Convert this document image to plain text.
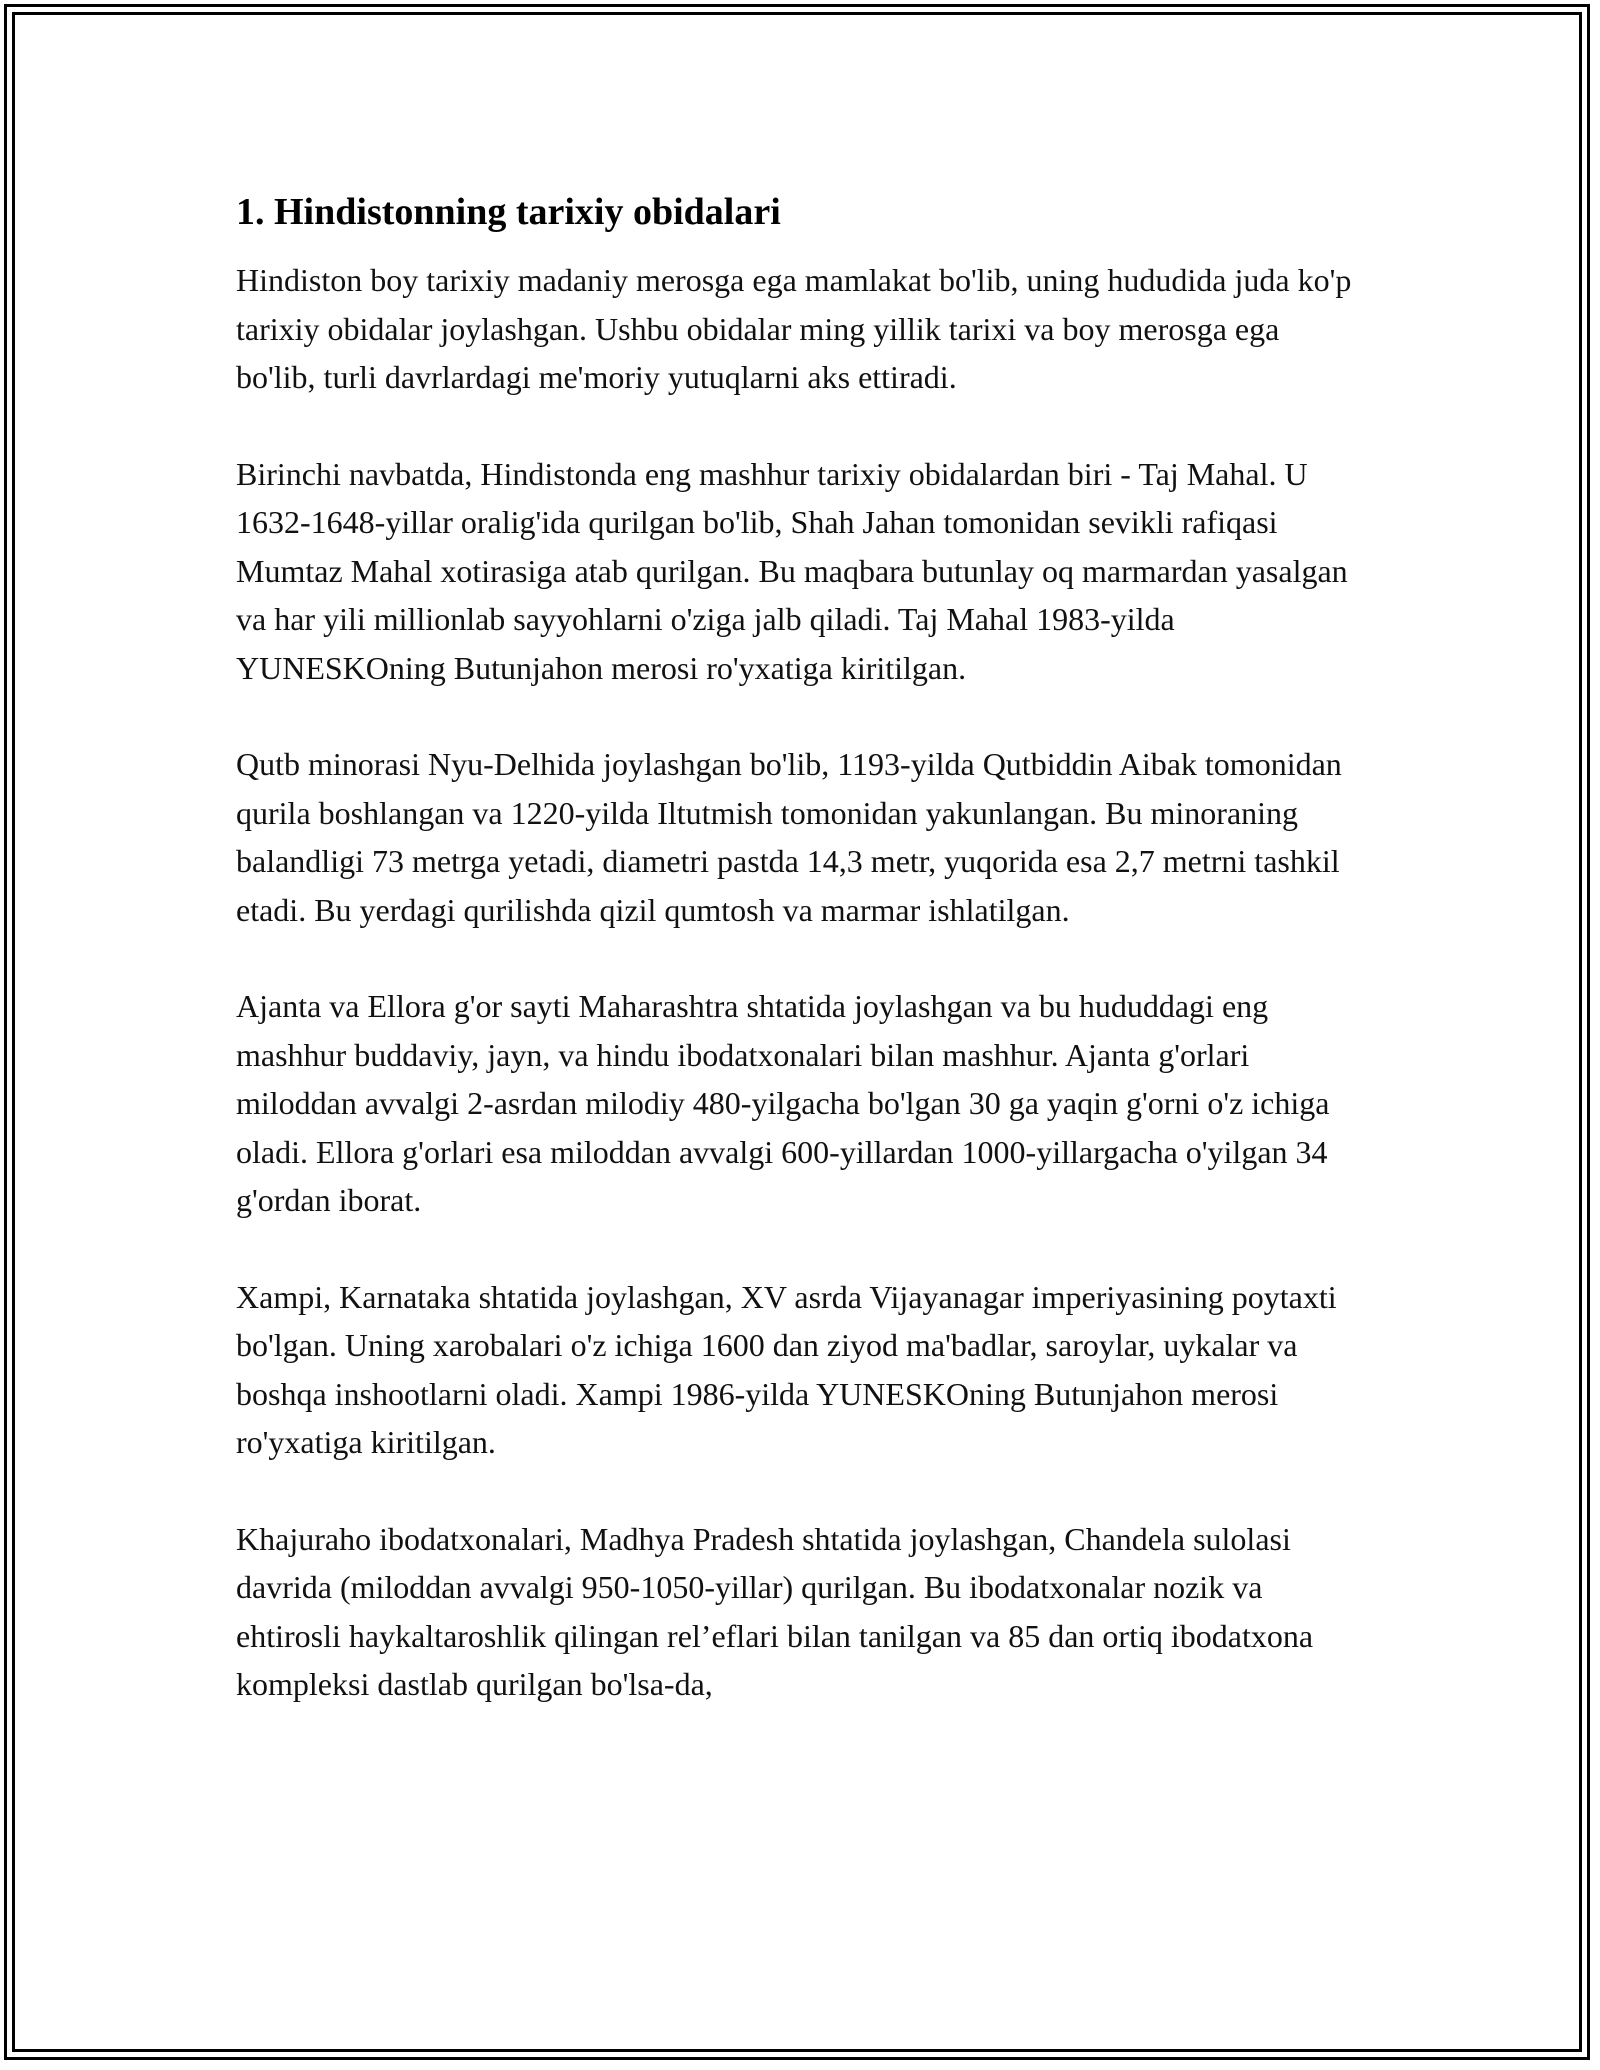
1. Hindistonning tarixiy obidalari

Hindiston boy tarixiy madaniy merosga ega mamlakat bo'lib, uning hududida juda ko'p tarixiy obidalar joylashgan. Ushbu obidalar ming yillik tarixi va boy merosga ega bo'lib, turli davrlardagi me'moriy yutuqlarni aks ettiradi.

Birinchi navbatda, Hindistonda eng mashhur tarixiy obidalardan biri - Taj Mahal. U 1632-1648-yillar oralig'ida qurilgan bo'lib, Shah Jahan tomonidan sevikli rafiqasi Mumtaz Mahal xotirasiga atab qurilgan. Bu maqbara butunlay oq marmardan yasalgan va har yili millionlab sayyohlarni o'ziga jalb qiladi. Taj Mahal 1983-yilda YUNESKOning Butunjahon merosi ro'yxatiga kiritilgan.

Qutb minorasi Nyu-Delhida joylashgan bo'lib, 1193-yilda Qutbiddin Aibak tomonidan qurila boshlangan va 1220-yilda Iltutmish tomonidan yakunlangan. Bu minoraning balandligi 73 metrga yetadi, diametri pastda 14,3 metr, yuqorida esa 2,7 metrni tashkil etadi. Bu yerdagi qurilishda qizil qumtosh va marmar ishlatilgan.

Ajanta va Ellora g'or sayti Maharashtra shtatida joylashgan va bu hududdagi eng mashhur buddaviy, jayn, va hindu ibodatxonalari bilan mashhur. Ajanta g'orlari miloddan avvalgi 2-asrdan milodiy 480-yilgacha bo'lgan 30 ga yaqin g'orni o'z ichiga oladi. Ellora g'orlari esa miloddan avvalgi 600-yillardan 1000-yillargacha o'yilgan 34 g'ordan iborat.

Xampi, Karnataka shtatida joylashgan, XV asrda Vijayanagar imperiyasining poytaxti bo'lgan. Uning xarobalari o'z ichiga 1600 dan ziyod ma'badlar, saroylar, uykalar va boshqa inshootlarni oladi. Xampi 1986-yilda YUNESKOning Butunjahon merosi ro'yxatiga kiritilgan.

Khajuraho ibodatxonalari, Madhya Pradesh shtatida joylashgan, Chandela sulolasi davrida (miloddan avvalgi 950-1050-yillar) qurilgan. Bu ibodatxonalar nozik va ehtirosli haykaltaroshlik qilingan rel’eflari bilan tanilgan va 85 dan ortiq ibodatxona kompleksi dastlab qurilgan bo'lsa-da,
